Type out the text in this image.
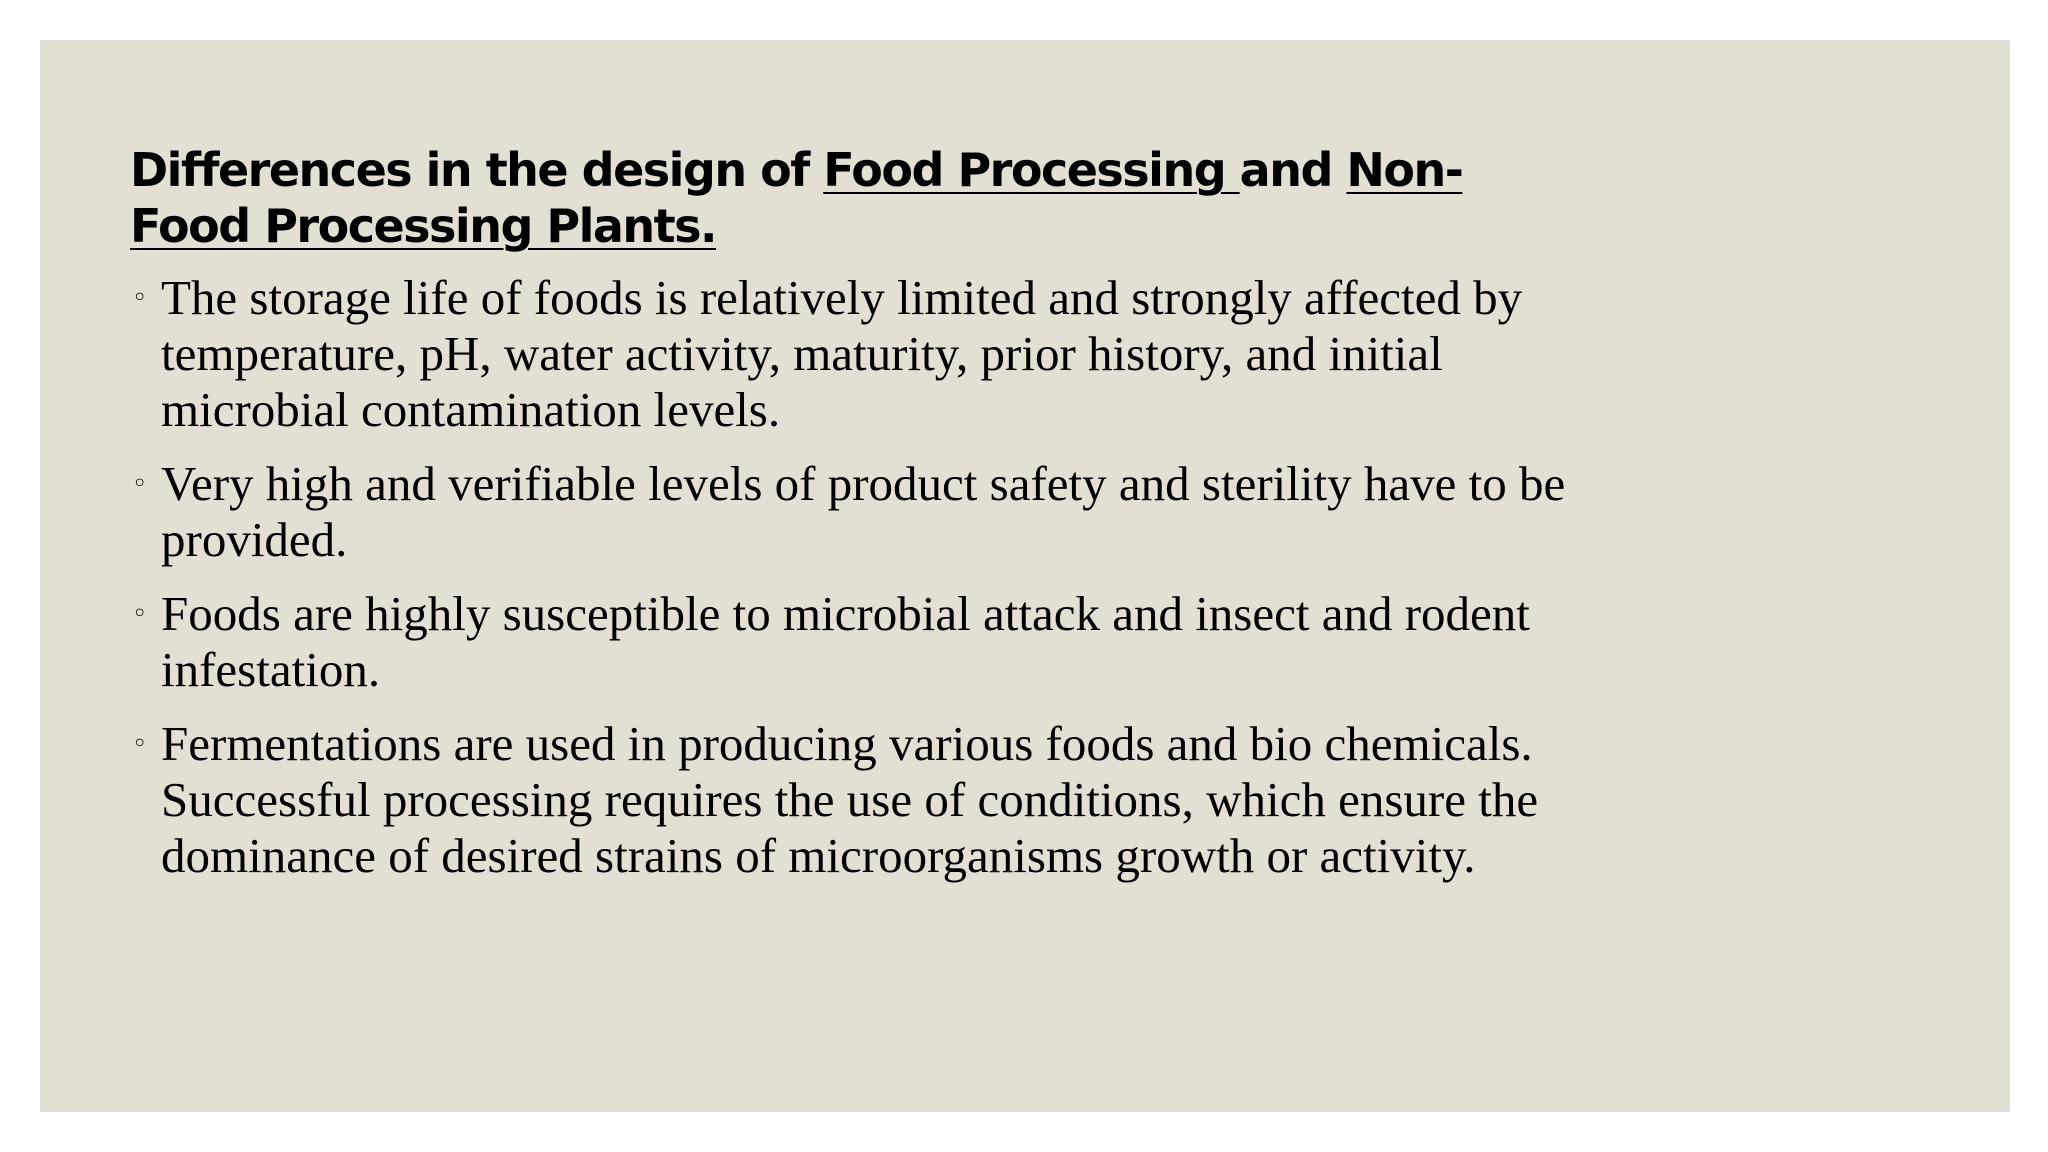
Differences in the design of Food Processing and Non-Food Processing Plants.
◦ The storage life of foods is relatively limited and strongly affected by temperature, pH, water activity, maturity, prior history, and initial microbial contamination levels.
◦ Very high and verifiable levels of product safety and sterility have to be provided.
◦ Foods are highly susceptible to microbial attack and insect and rodent infestation.
◦ Fermentations are used in producing various foods and bio chemicals. Successful processing requires the use of conditions, which ensure the dominance of desired strains of microorganisms growth or activity.
